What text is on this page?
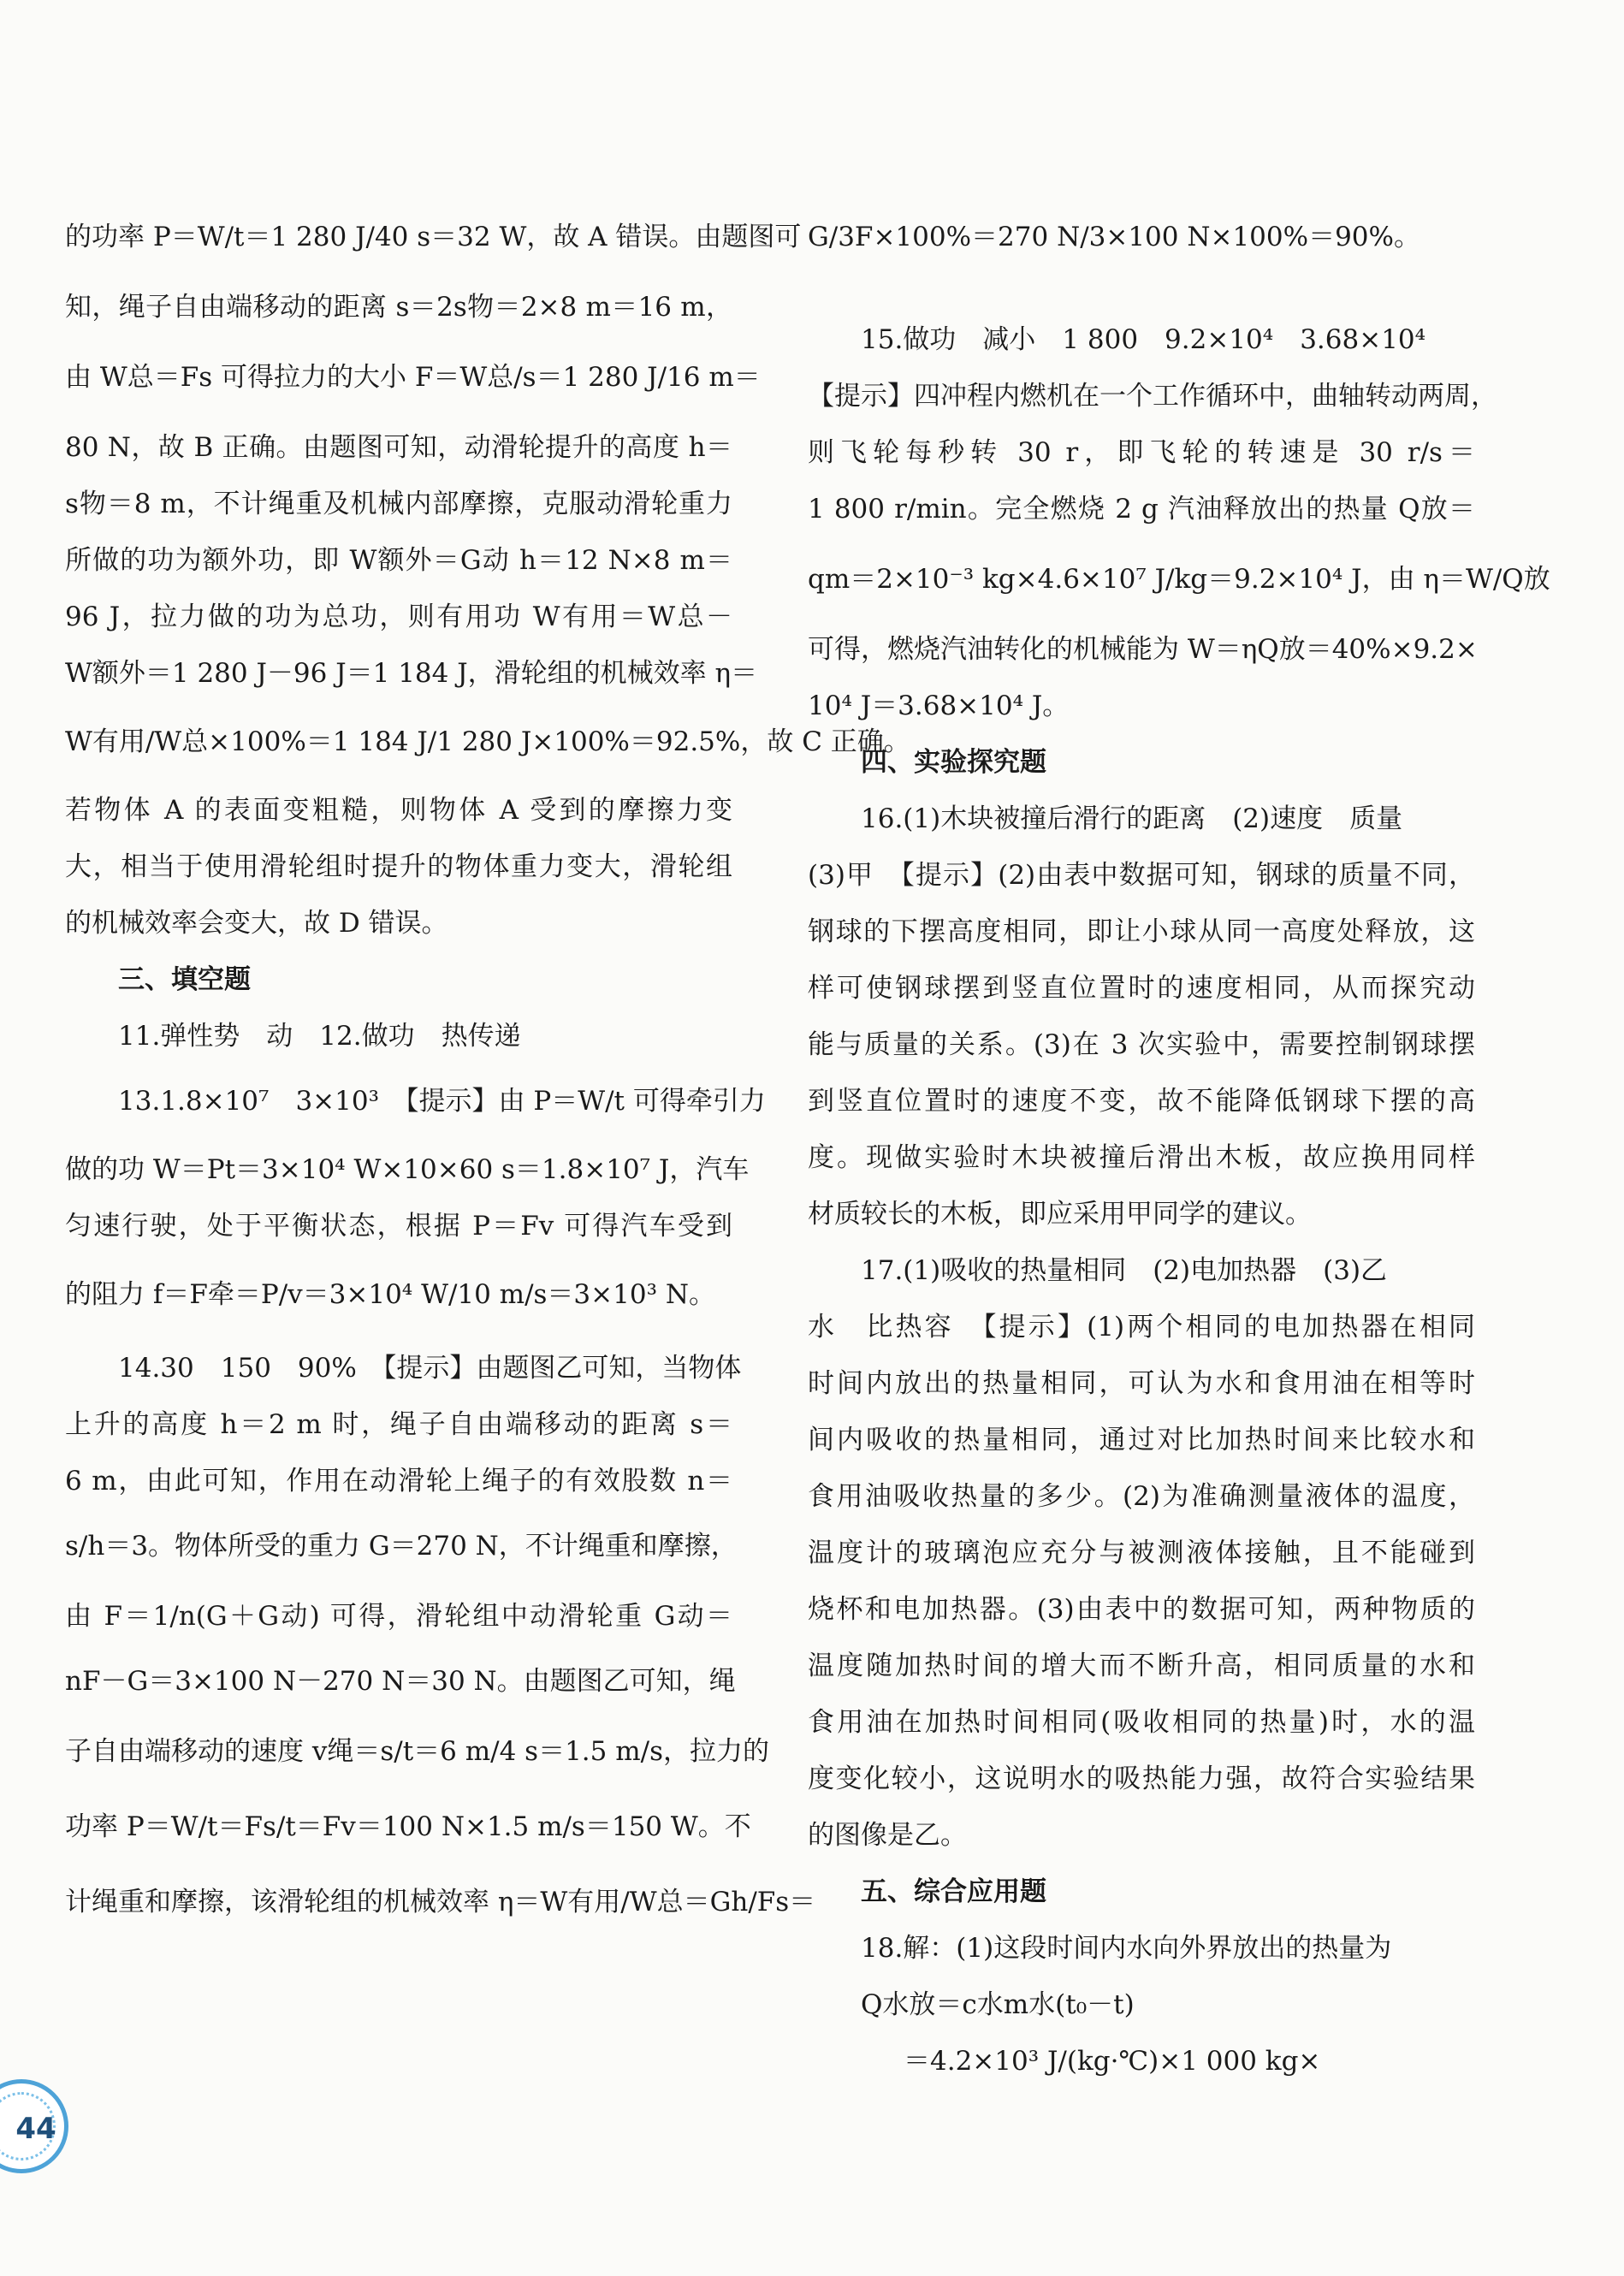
的功率 P＝W/t＝1 280 J/40 s＝32 W，故 A 错误。由题图可
知，绳子自由端移动的距离 s＝2s物＝2×8 m＝16 m，
由 W总＝Fs 可得拉力的大小 F＝W总/s＝1 280 J/16 m＝
80 N，故 B 正确。由题图可知，动滑轮提升的高度 h＝
s物＝8 m，不计绳重及机械内部摩擦，克服动滑轮重力
所做的功为额外功，即 W额外＝G动 h＝12 N×8 m＝
96 J，拉力做的功为总功，则有用功 W有用＝W总－
W额外＝1 280 J－96 J＝1 184 J，滑轮组的机械效率 η＝
W有用/W总×100%＝1 184 J/1 280 J×100%＝92.5%，故 C 正确。
若物体 A 的表面变粗糙，则物体 A 受到的摩擦力变
大，相当于使用滑轮组时提升的物体重力变大，滑轮组
的机械效率会变大，故 D 错误。
三、填空题
11.弹性势　动　12.做功　热传递
13.1.8×10⁷　3×10³　【提示】由 P＝W/t 可得牵引力
做的功 W＝Pt＝3×10⁴ W×10×60 s＝1.8×10⁷ J，汽车
匀速行驶，处于平衡状态，根据 P＝Fv 可得汽车受到
的阻力 f＝F牵＝P/v＝3×10⁴ W/10 m/s＝3×10³ N。
14.30　150　90%　【提示】由题图乙可知，当物体
上升的高度 h＝2 m 时，绳子自由端移动的距离 s＝
6 m，由此可知，作用在动滑轮上绳子的有效股数 n＝
s/h＝3。物体所受的重力 G＝270 N，不计绳重和摩擦，
由 F＝1/n(G＋G动) 可得，滑轮组中动滑轮重 G动＝
nF－G＝3×100 N－270 N＝30 N。由题图乙可知，绳
子自由端移动的速度 v绳＝s/t＝6 m/4 s＝1.5 m/s，拉力的
功率 P＝W/t＝Fs/t＝Fv＝100 N×1.5 m/s＝150 W。不
计绳重和摩擦，该滑轮组的机械效率 η＝W有用/W总＝Gh/Fs＝
G/3F×100%＝270 N/3×100 N×100%＝90%。
15.做功　减小　1 800　9.2×10⁴　3.68×10⁴
【提示】四冲程内燃机在一个工作循环中，曲轴转动两周，
则飞轮每秒转 30 r，即飞轮的转速是 30 r/s＝
1 800 r/min。完全燃烧 2 g 汽油释放出的热量 Q放＝
qm＝2×10⁻³ kg×4.6×10⁷ J/kg＝9.2×10⁴ J，由 η＝W/Q放
可得，燃烧汽油转化的机械能为 W＝ηQ放＝40%×9.2×
10⁴ J＝3.68×10⁴ J。
四、实验探究题
16.(1)木块被撞后滑行的距离　(2)速度　质量
(3)甲　【提示】(2)由表中数据可知，钢球的质量不同，
钢球的下摆高度相同，即让小球从同一高度处释放，这
样可使钢球摆到竖直位置时的速度相同，从而探究动
能与质量的关系。(3)在 3 次实验中，需要控制钢球摆
到竖直位置时的速度不变，故不能降低钢球下摆的高
度。现做实验时木块被撞后滑出木板，故应换用同样
材质较长的木板，即应采用甲同学的建议。
17.(1)吸收的热量相同　(2)电加热器　(3)乙
水　比热容　【提示】(1)两个相同的电加热器在相同
时间内放出的热量相同，可认为水和食用油在相等时
间内吸收的热量相同，通过对比加热时间来比较水和
食用油吸收热量的多少。(2)为准确测量液体的温度，
温度计的玻璃泡应充分与被测液体接触，且不能碰到
烧杯和电加热器。(3)由表中的数据可知，两种物质的
温度随加热时间的增大而不断升高，相同质量的水和
食用油在加热时间相同(吸收相同的热量)时，水的温
度变化较小，这说明水的吸热能力强，故符合实验结果
的图像是乙。
五、综合应用题
18.解：(1)这段时间内水向外界放出的热量为
Q水放＝c水m水(t₀－t)
＝4.2×10³ J/(kg·℃)×1 000 kg×
44
